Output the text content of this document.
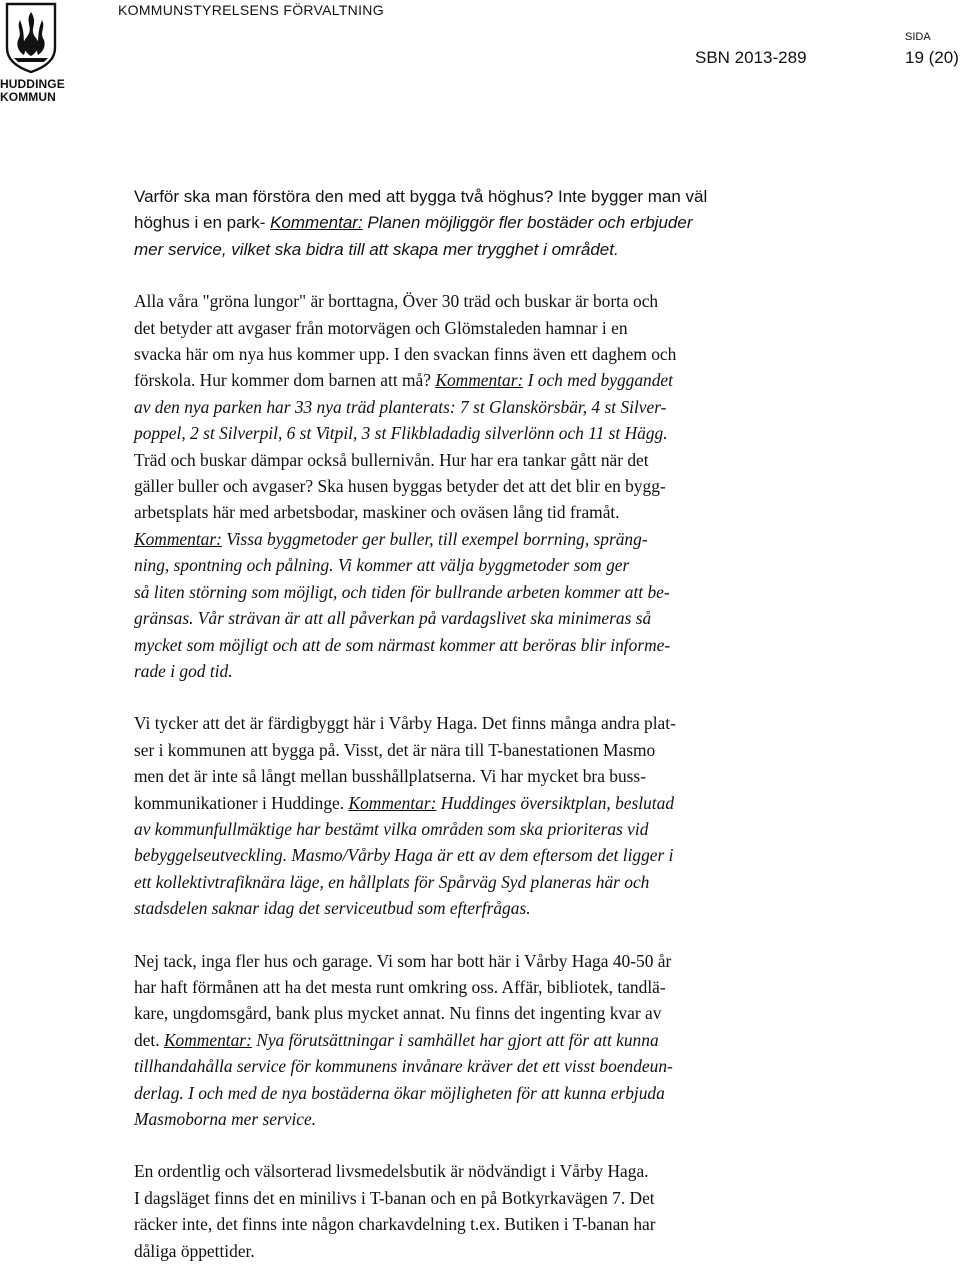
HUDDINGE
KOMMUN
KOMMUNSTYRELSENS FÖRVALTNING
SIDA
SBN 2013-289	19 (20)
Varför ska man förstöra den med att bygga två höghus? Inte bygger man väl
höghus i en park- Kommentar: Planen möjliggör fler bostäder och erbjuder
mer service, vilket ska bidra till att skapa mer trygghet i området.
Alla våra "gröna lungor" är borttagna, Över 30 träd och buskar är borta och
det betyder att avgaser från motorvägen och Glömstaleden hamnar i en
svacka här om nya hus kommer upp. I den svackan finns även ett daghem och
förskola. Hur kommer dom barnen att må? Kommentar: I och med byggandet
av den nya parken har 33 nya träd planterats: 7 st Glanskörsbär, 4 st Silver-
poppel, 2 st Silverpil, 6 st Vitpil, 3 st Flikbladadig silverlönn och 11 st Hägg.
Träd och buskar dämpar också bullernivån. Hur har era tankar gått när det
gäller buller och avgaser? Ska husen byggas betyder det att det blir en bygg-
arbetsplats här med arbetsbodar, maskiner och oväsen lång tid framåt.
Kommentar: Vissa byggmetoder ger buller, till exempel borrning, spräng-
ning, spontning och pålning. Vi kommer att välja byggmetoder som ger
så liten störning som möjligt, och tiden för bullrande arbeten kommer att be-
gränsas. Vår strävan är att all påverkan på vardagslivet ska minimeras så
mycket som möjligt och att de som närmast kommer att beröras blir informe-
rade i god tid.
Vi tycker att det är färdigbyggt här i Vårby Haga. Det finns många andra plat-
ser i kommunen att bygga på. Visst, det är nära till T-banestationen Masmo
men det är inte så långt mellan busshållplatserna. Vi har mycket bra buss-
kommunikationer i Huddinge. Kommentar: Huddinges översiktplan, beslutad
av kommunfullmäktige har bestämt vilka områden som ska prioriteras vid
bebyggelseutveckling. Masmo/Vårby Haga är ett av dem eftersom det ligger i
ett kollektivtrafiknära läge, en hållplats för Spårväg Syd planeras här och
stadsdelen saknar idag det serviceutbud som efterfrågas.
Nej tack, inga fler hus och garage. Vi som har bott här i Vårby Haga 40-50 år
har haft förmånen att ha det mesta runt omkring oss. Affär, bibliotek, tandlä-
kare, ungdomsgård, bank plus mycket annat. Nu finns det ingenting kvar av
det. Kommentar: Nya förutsättningar i samhället har gjort att för att kunna
tillhandahålla service för kommunens invånare kräver det ett visst boendeun-
derlag. I och med de nya bostäderna ökar möjligheten för att kunna erbjuda
Masmoborna mer service.
En ordentlig och välsorterad livsmedelsbutik är nödvändigt i Vårby Haga.
I dagsläget finns det en minilivs i T-banan och en på Botkyrkavägen 7. Det
räcker inte, det finns inte någon charkavdelning t.ex. Butiken i T-banan har
dåliga öppettider.
